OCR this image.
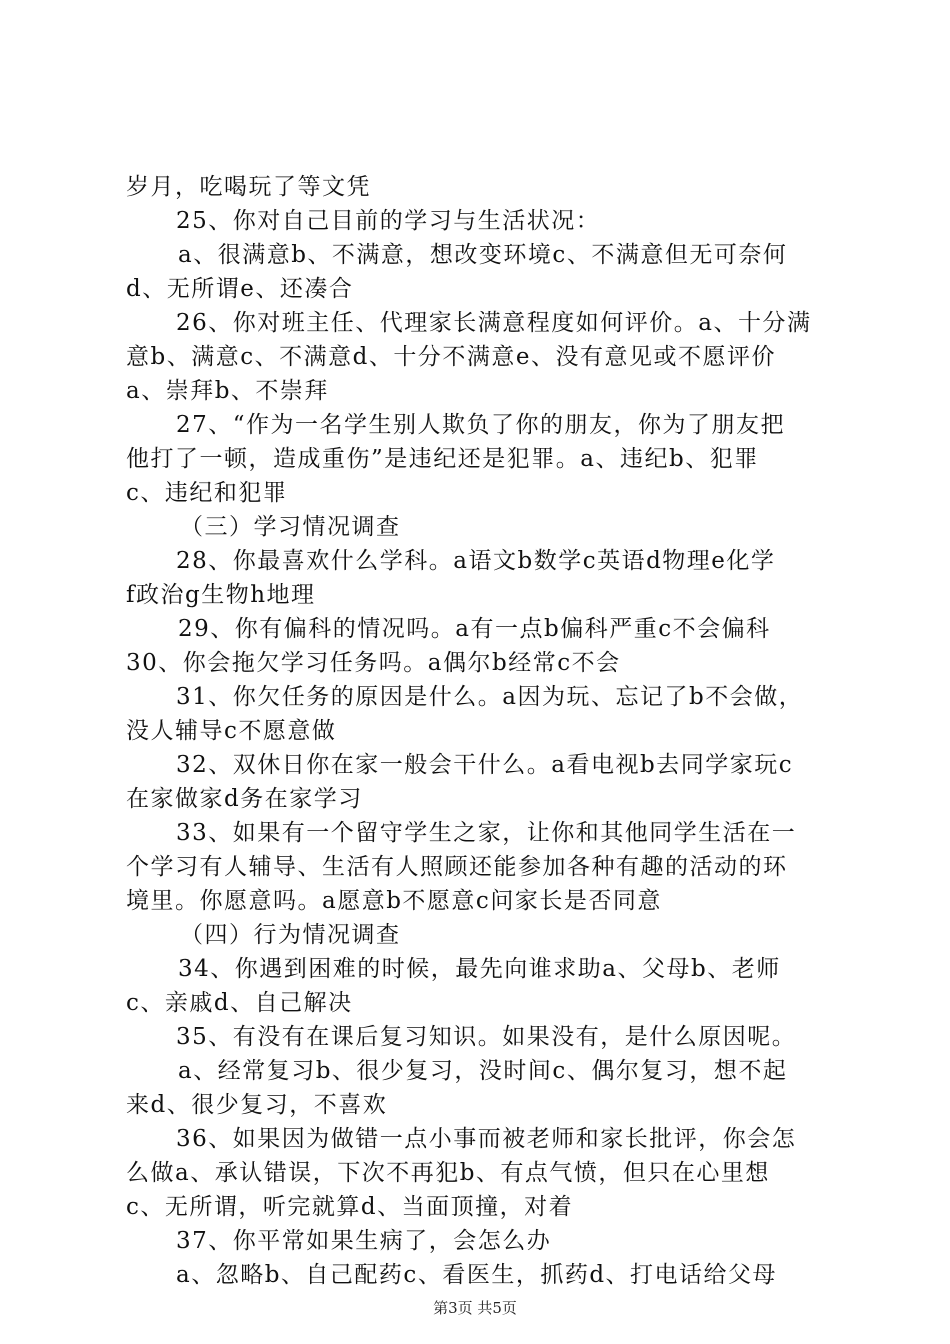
岁月，吃喝玩了等文凭
25、你对自己目前的学习与生活状况：
a、很满意b、不满意，想改变环境c、不满意但无可奈何
d、无所谓e、还凑合
26、你对班主任、代理家长满意程度如何评价。a、十分满
意b、满意c、不满意d、十分不满意e、没有意见或不愿评价
a、崇拜b、不崇拜
27、“作为一名学生别人欺负了你的朋友，你为了朋友把
他打了一顿，造成重伤”是违纪还是犯罪。a、违纪b、犯罪
c、违纪和犯罪
（三）学习情况调查
28、你最喜欢什么学科。a语文b数学c英语d物理e化学
f政治g生物h地理
29、你有偏科的情况吗。a有一点b偏科严重c不会偏科
30、你会拖欠学习任务吗。a偶尔b经常c不会
31、你欠任务的原因是什么。a因为玩、忘记了b不会做，
没人辅导c不愿意做
32、双休日你在家一般会干什么。a看电视b去同学家玩c
在家做家d务在家学习
33、如果有一个留守学生之家，让你和其他同学生活在一
个学习有人辅导、生活有人照顾还能参加各种有趣的活动的环
境里。你愿意吗。a愿意b不愿意c问家长是否同意
（四）行为情况调查
34、你遇到困难的时候，最先向谁求助a、父母b、老师
c、亲戚d、自己解决
35、有没有在课后复习知识。如果没有，是什么原因呢。
a、经常复习b、很少复习，没时间c、偶尔复习，想不起
来d、很少复习，不喜欢
36、如果因为做错一点小事而被老师和家长批评，你会怎
么做a、承认错误，下次不再犯b、有点气愤，但只在心里想
c、无所谓，听完就算d、当面顶撞，对着
37、你平常如果生病了，会怎么办
a、忽略b、自己配药c、看医生，抓药d、打电话给父母
第3页 共5页
